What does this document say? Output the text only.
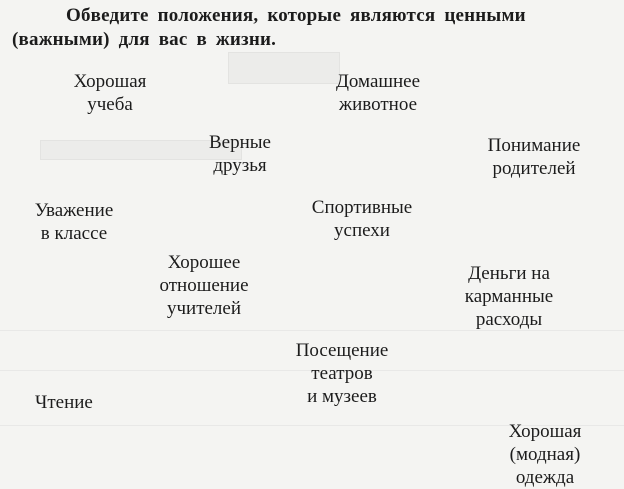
Обведите положения, которые являются ценными (важными) для вас в жизни.
Хорошая
учеба
Домашнее
животное
Верные
друзья
Понимание
родителей
Уважение
в классе
Спортивные
успехи
Хорошее
отношение
учителей
Деньги на
карманные
расходы
Посещение
театров
и музеев
Чтение
Хорошая
(модная)
одежда
